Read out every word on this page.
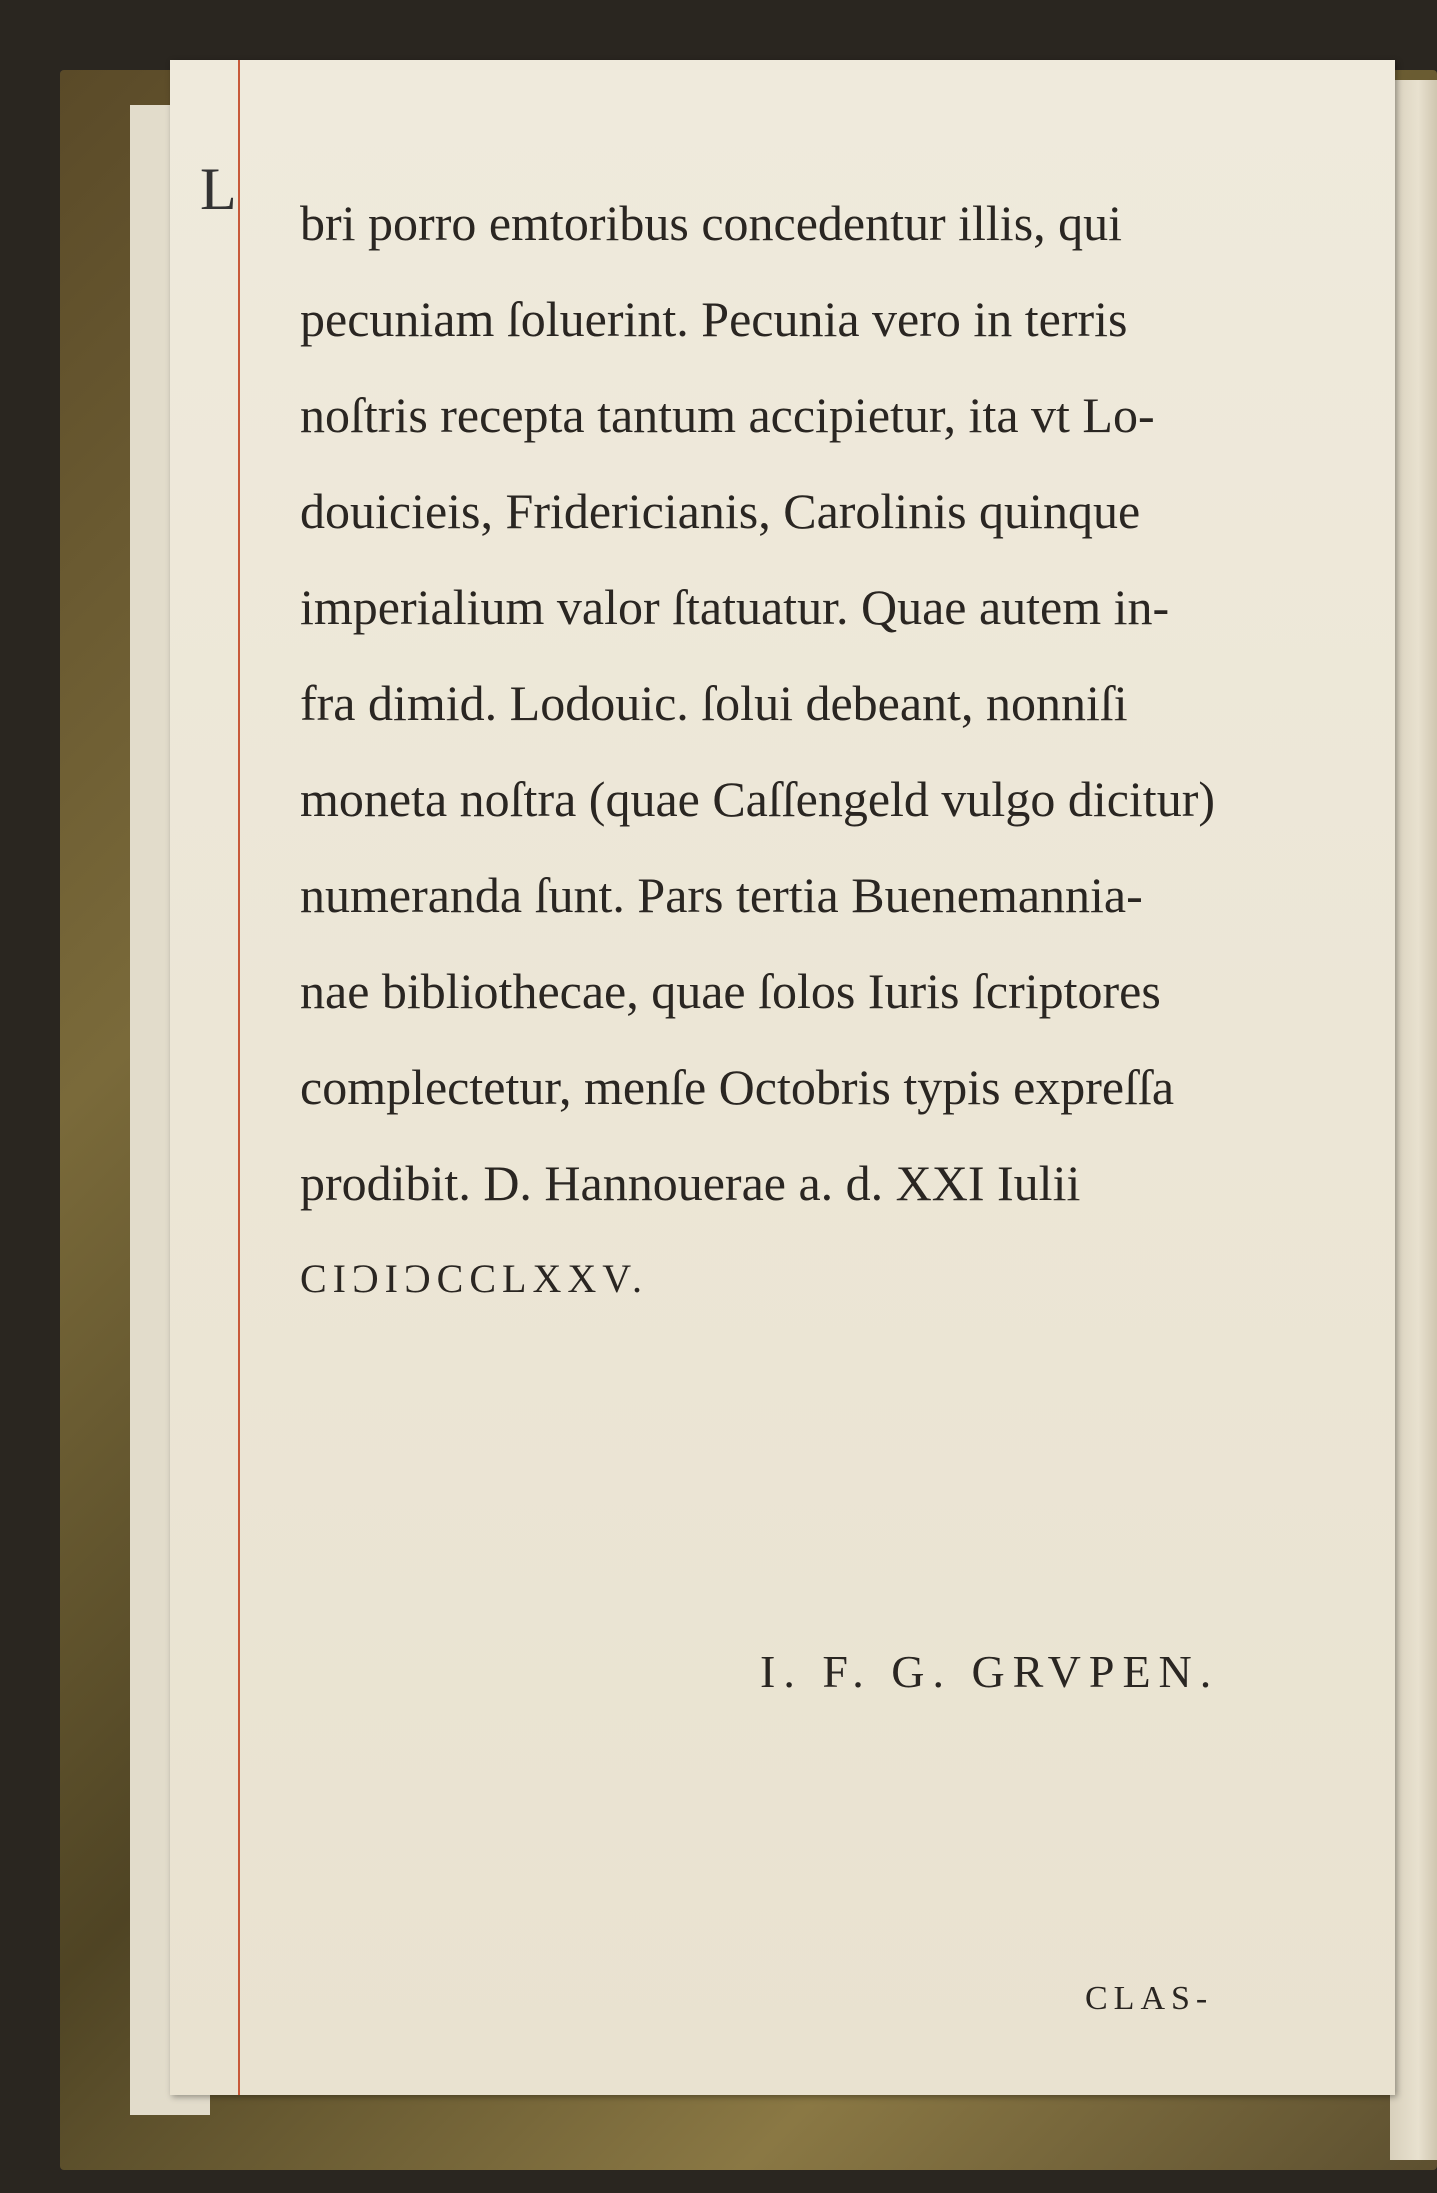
L
bri porro emtoribus concedentur illis, qui
pecuniam ſoluerint. Pecunia vero in terris
noſtris recepta tantum accipietur, ita vt Lo-
douicieis, Fridericianis, Carolinis quinque
imperialium valor ſtatuatur. Quae autem in-
fra dimid. Lodouic. ſolui debeant, nonniſi
moneta noſtra (quae Caſſengeld vulgo dicitur)
numeranda ſunt. Pars tertia Buenemannia-
nae bibliothecae, quae ſolos Iuris ſcriptores
complectetur, menſe Octobris typis expreſſa
prodibit. D. Hannouerae a. d. XXI Iulii
CIƆIƆCCLXXV.
I. F. G. GRVPEN.
CLAS-
